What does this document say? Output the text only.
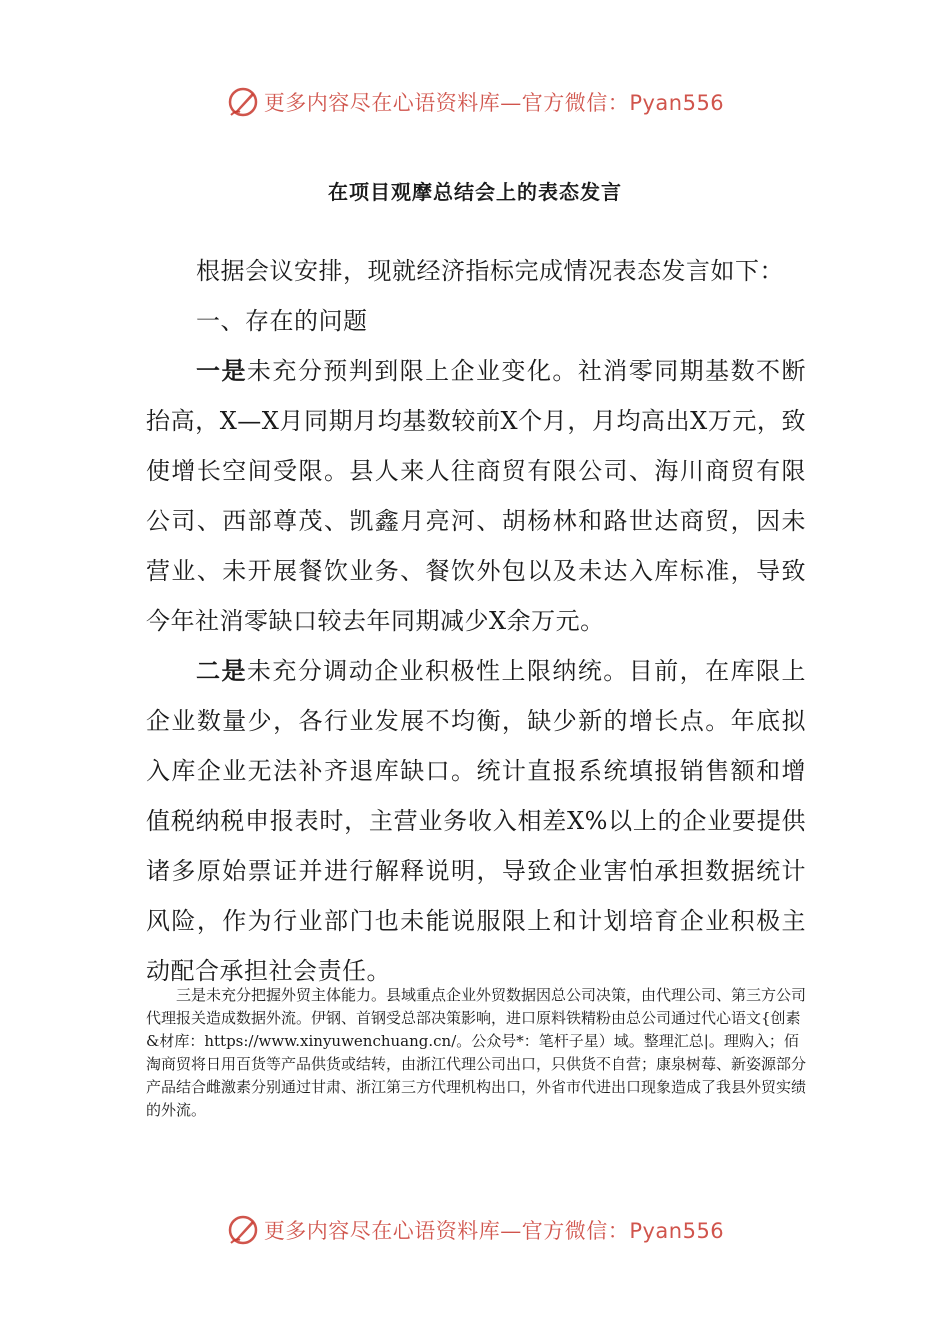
更多内容尽在心语资料库—官方微信：Pyan556
在项目观摩总结会上的表态发言

根据会议安排，现就经济指标完成情况表态发言如下：

一、存在的问题

一是未充分预判到限上企业变化。社消零同期基数不断抬高，X—X月同期月均基数较前X个月，月均高出X万元，致使增长空间受限。县人来人往商贸有限公司、海川商贸有限公司、西部尊茂、凯鑫月亮河、胡杨林和路世达商贸，因未营业、未开展餐饮业务、餐饮外包以及未达入库标准，导致今年社消零缺口较去年同期减少X余万元。

二是未充分调动企业积极性上限纳统。目前，在库限上企业数量少，各行业发展不均衡，缺少新的增长点。年底拟入库企业无法补齐退库缺口。统计直报系统填报销售额和增值税纳税申报表时，主营业务收入相差X%以上的企业要提供诸多原始票证并进行解释说明，导致企业害怕承担数据统计风险，作为行业部门也未能说服限上和计划培育企业积极主动配合承担社会责任。

三是未充分把握外贸主体能力。县域重点企业外贸数据因总公司决策，由代理公司、第三方公司代理报关造成数据外流。伊钢、首钢受总部决策影响，进口原料铁精粉由总公司通过代心语文{创素&材库：https://www.xinyuwenchuang.cn/。公众号*：笔杆子星）域。整理汇总|。理购入；佰淘商贸将日用百货等产品供货或结转，由浙江代理公司出口，只供货不自营；康泉树莓、新姿源部分产品结合雌激素分别通过甘肃、浙江第三方代理机构出口，外省市代进出口现象造成了我县外贸实绩的外流。

更多内容尽在心语资料库—官方微信：Pyan556
